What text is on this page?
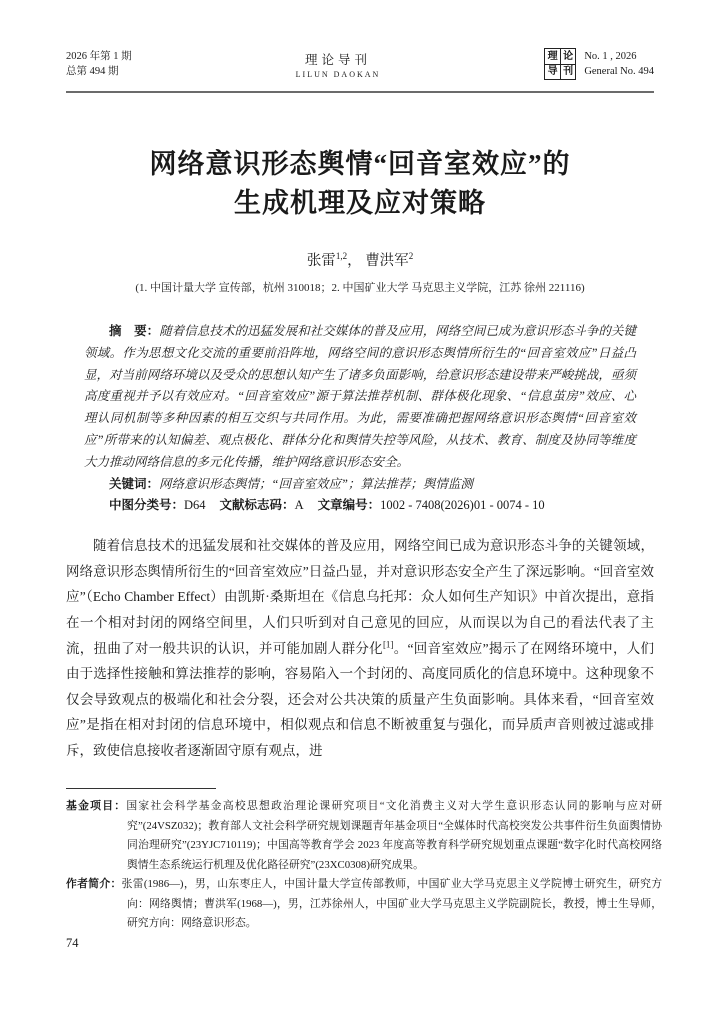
2026 年第 1 期
总第 494 期
理论导刊
LILUN DAOKAN
理 论
导 刊
No. 1 , 2026
General No. 494
网络意识形态舆情“回音室效应”的
生成机理及应对策略
张雷$^{1,2}$， 曹洪军$^2$
(1. 中国计量大学 宣传部，杭州 310018；2. 中国矿业大学 马克思主义学院，江苏 徐州 221116)

摘　要：随着信息技术的迅猛发展和社交媒体的普及应用，网络空间已成为意识形态斗争的关键领域。作为思想文化交流的重要前沿阵地，网络空间的意识形态舆情所衍生的“回音室效应”日益凸显，对当前网络环境以及受众的思想认知产生了诸多负面影响，给意识形态建设带来严峻挑战，亟须高度重视并予以有效应对。“回音室效应”源于算法推荐机制、群体极化现象、“信息茧房”效应、心理认同机制等多种因素的相互交织与共同作用。为此，需要准确把握网络意识形态舆情“回音室效应”所带来的认知偏差、观点极化、群体分化和舆情失控等风险，从技术、教育、制度及协同等维度大力推动网络信息的多元化传播，维护网络意识形态安全。

关键词：网络意识形态舆情；“回音室效应”；算法推荐；舆情监测

中图分类号：D64 文献标志码：A 文章编号：1002 - 7408(2026)01 - 0074 - 10

随着信息技术的迅猛发展和社交媒体的普及应用，网络空间已成为意识形态斗争的关键领域，网络意识形态舆情所衍生的“回音室效应”日益凸显，并对意识形态安全产生了深远影响。“回音室效应”（Echo Chamber Effect）由凯斯·桑斯坦在《信息乌托邦：众人如何生产知识》中首次提出，意指在一个相对封闭的网络空间里，人们只听到对自己意见的回应，从而误以为自己的看法代表了主流，扭曲了对一般共识的认识，并可能加剧人群分化[1]。“回音室效应”揭示了在网络环境中，人们由于选择性接触和算法推荐的影响，容易陷入一个封闭的、高度同质化的信息环境中。这种现象不仅会导致观点的极端化和社会分裂，还会对公共决策的质量产生负面影响。具体来看，“回音室效应”是指在相对封闭的信息环境中，相似观点和信息不断被重复与强化，而异质声音则被过滤或排斥，致使信息接收者逐渐固守原有观点，进

基金项目：国家社会科学基金高校思想政治理论课研究项目“文化消费主义对大学生意识形态认同的影响与应对研究”(24VSZ032)；教育部人文社会科学研究规划课题青年基金项目“全媒体时代高校突发公共事件衍生负面舆情协同治理研究”(23YJC710119)；中国高等教育学会 2023 年度高等教育科学研究规划重点课题“数字化时代高校网络舆情生态系统运行机理及优化路径研究”(23XC0308)研究成果。

作者简介：张雷(1986—)，男，山东枣庄人，中国计量大学宣传部教师，中国矿业大学马克思主义学院博士研究生，研究方向：网络舆情；曹洪军(1968—)，男，江苏徐州人，中国矿业大学马克思主义学院副院长，教授，博士生导师，研究方向：网络意识形态。

74
